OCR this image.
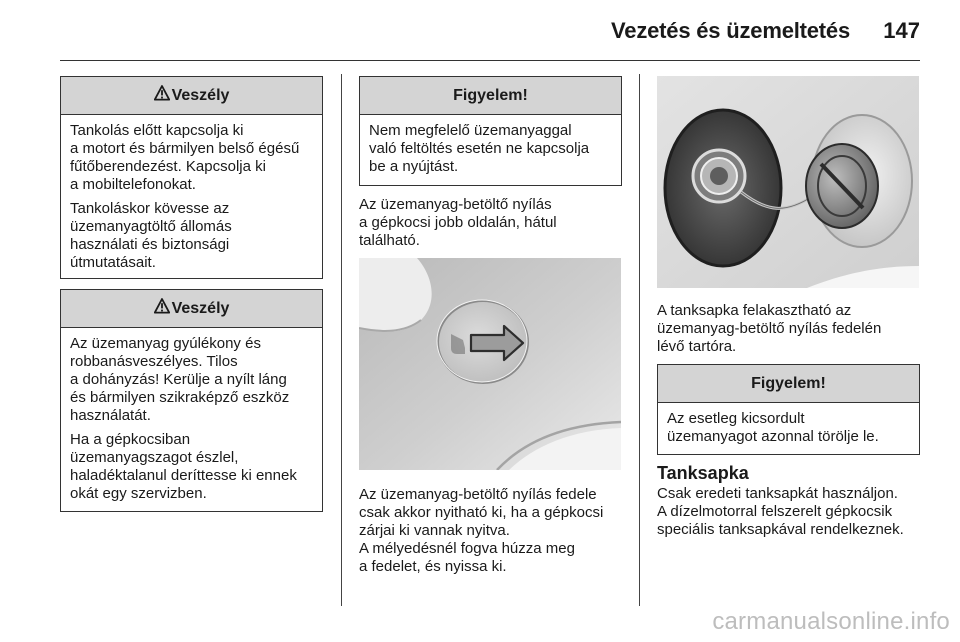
Vezetés és üzemeltetés 147
Veszély

Tankolás előtt kapcsolja ki
a motort és bármilyen belső égésű
fűtőberendezést. Kapcsolja ki
a mobiltelefonokat.

Tankoláskor kövesse az
üzemanyagtöltő állomás
használati és biztonsági
útmutatásait.

Veszély

Az üzemanyag gyúlékony és
robbanásveszélyes. Tilos
a dohányzás! Kerülje a nyílt láng
és bármilyen szikraképző eszköz
használatát.

Ha a gépkocsiban
üzemanyagszagot észlel,
haladéktalanul deríttesse ki ennek
okát egy szervizben.

Figyelem!

Nem megfelelő üzemanyaggal
való feltöltés esetén ne kapcsolja
be a nyújtást.

Az üzemanyag-betöltő nyílás
a gépkocsi jobb oldalán, hátul
található.
Az üzemanyag-betöltő nyílás fedele
csak akkor nyitható ki, ha a gépkocsi
zárjai ki vannak nyitva.
A mélyedésnél fogva húzza meg
a fedelet, és nyissa ki.
A tanksapka felakasztható az
üzemanyag-betöltő nyílás fedelén
lévő tartóra.
Figyelem!

Az esetleg kicsordult
üzemanyagot azonnal törölje le.

Tanksapka
Csak eredeti tanksapkát használjon.
A dízelmotorral felszerelt gépkocsik
speciális tanksapkával rendelkeznek.
carmanualsonline.info
